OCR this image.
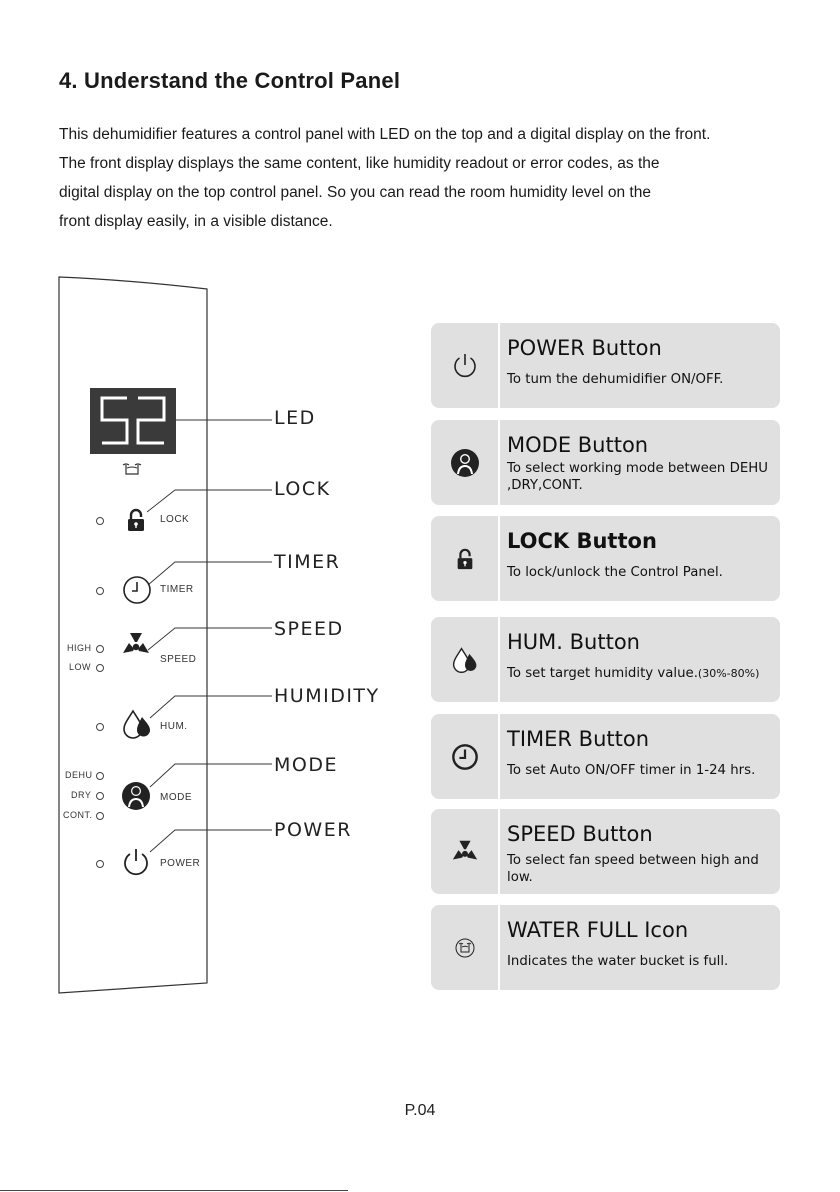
4. Understand the Control Panel

This dehumidifier features a control panel with LED on the top and a digital display on the front.

The front display displays the same content, like humidity readout or error codes, as the

digital display on the top control panel. So you can read the room humidity level on the

front display easily, in a visible distance.

LOCK
TIMER
HIGH
LOW
SPEED
HUM.
DEHU
DRY
CONT.
MODE
POWER
LED
LOCK
TIMER
SPEED
HUMIDITY
MODE
POWER
POWER Button
To tum the dehumidifier ON/OFF.
MODE Button
To select working mode between DEHU ,DRY,CONT.
LOCK Button
To lock/unlock the Control Panel.
HUM. Button
To set target humidity value.(30%-80%)
TIMER Button
To set Auto ON/OFF timer in 1-24 hrs.
SPEED Button
To select fan speed between high and low.
WATER FULL Icon
Indicates the water bucket is full.
P.04
